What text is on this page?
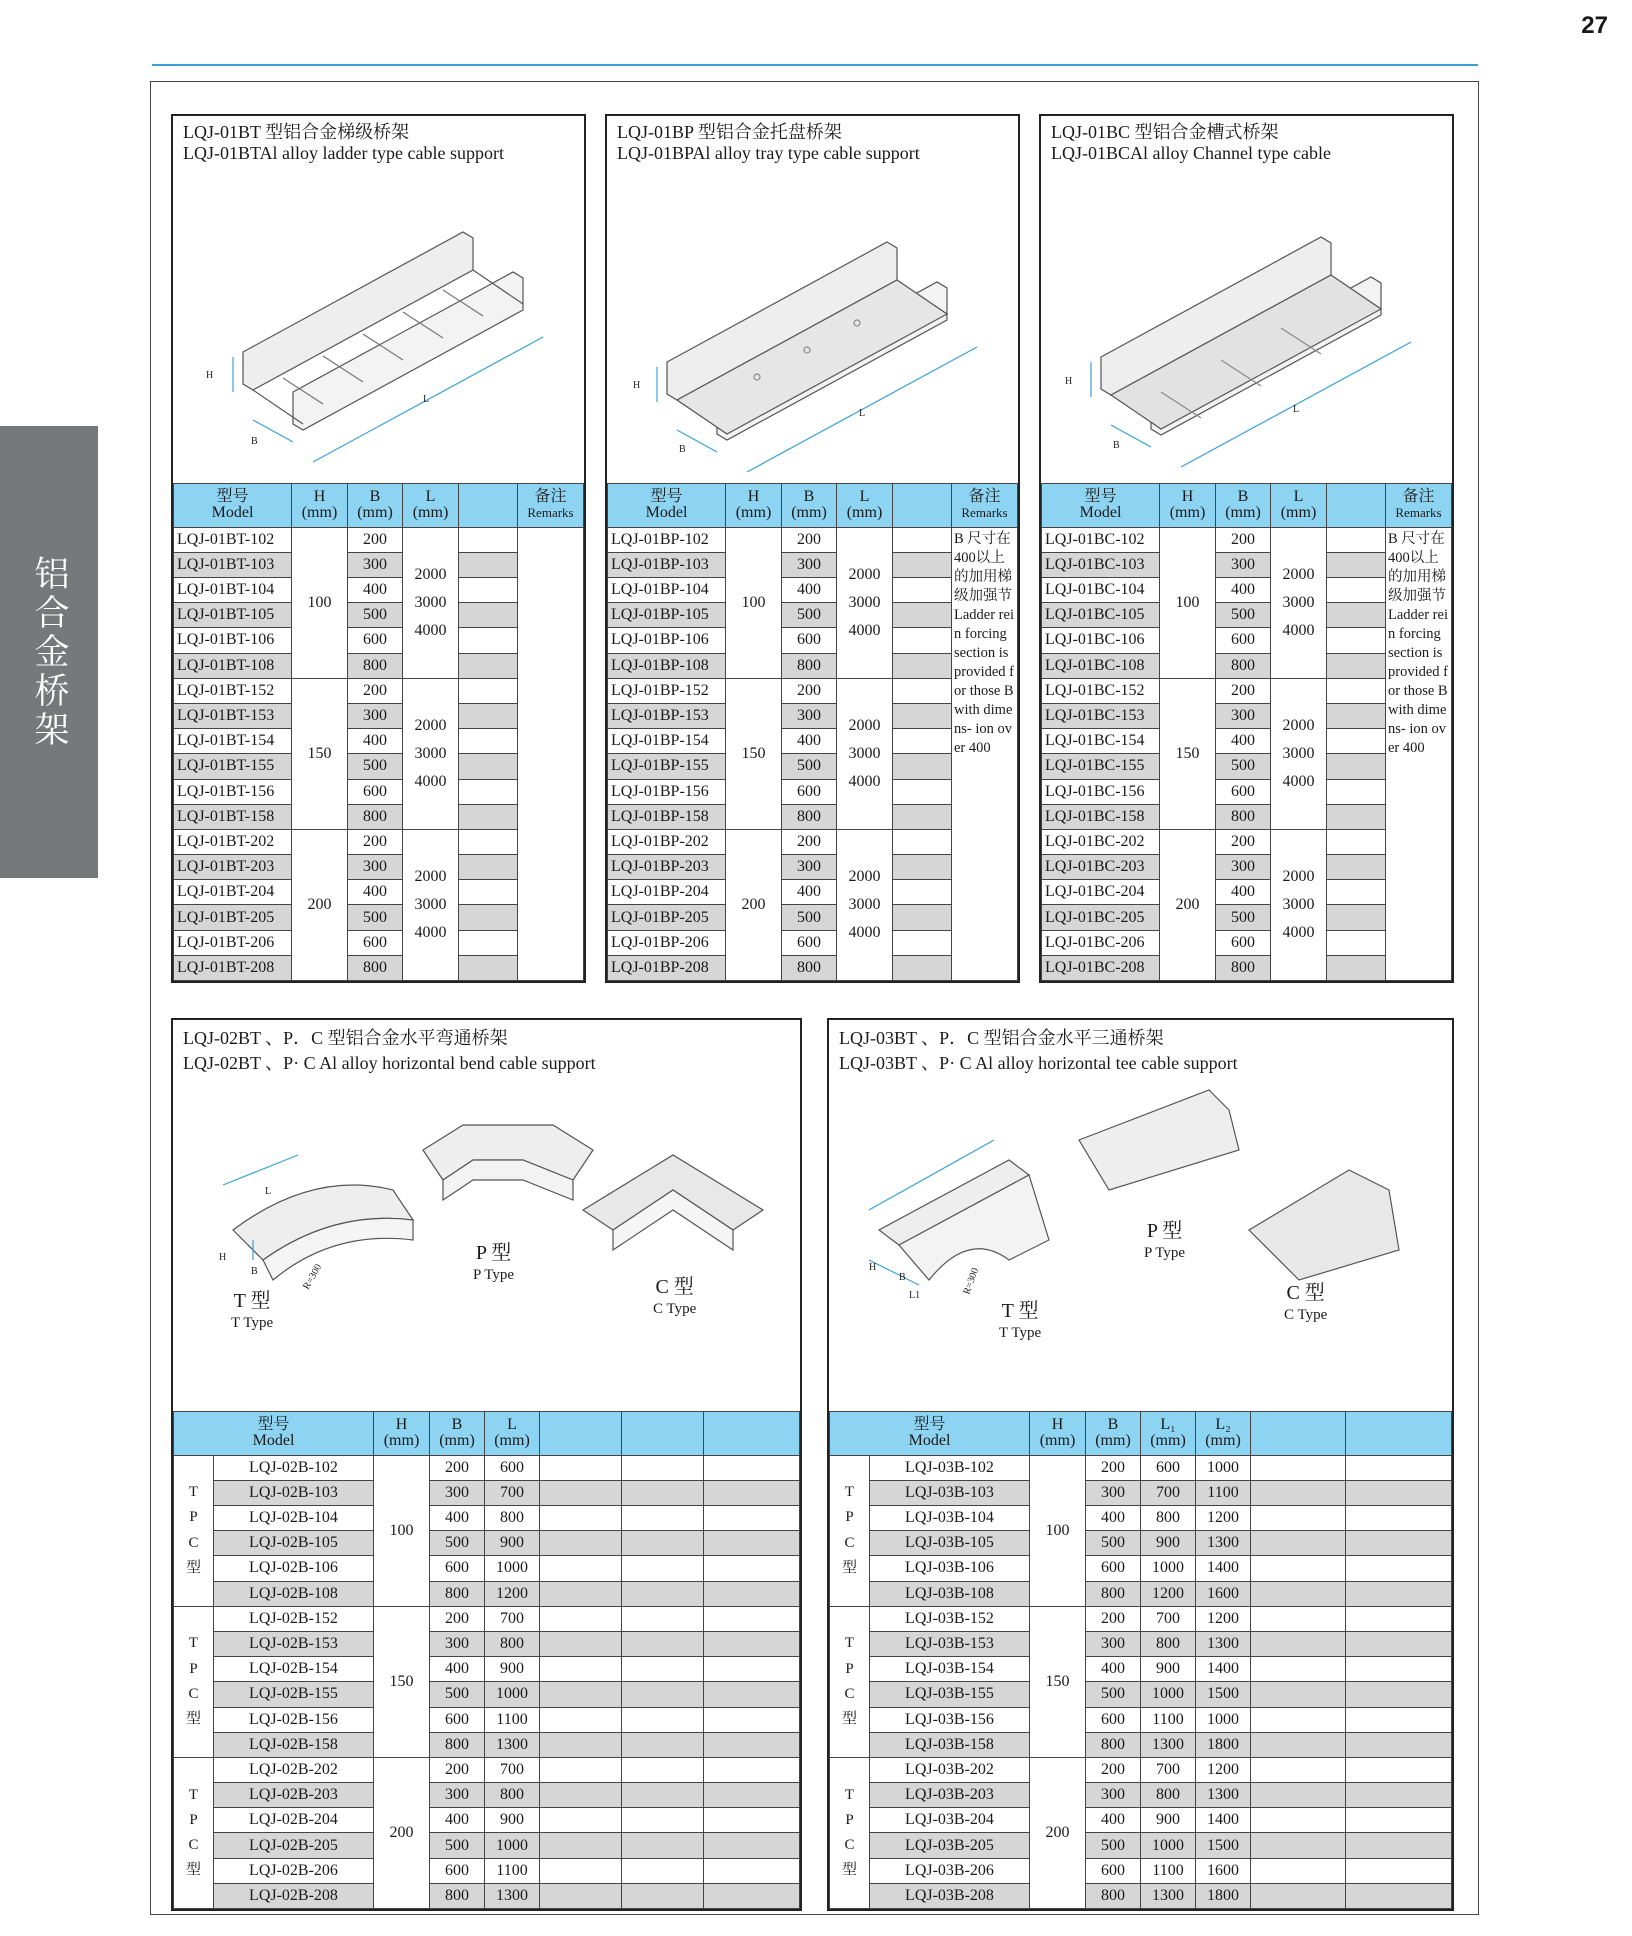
27
铝合金桥架
LQJ-01BT 型铝合金梯级桥架
LQJ-01BTAl alloy ladder type cable support
H
B
L
型号
Model	H
(mm)	B
(mm)	L
(mm)		备注
Remarks
LQJ-01BT-102	100	200	2000
3000
4000		
LQJ-01BT-103		300			
LQJ-01BT-104		400			
LQJ-01BT-105		500			
LQJ-01BT-106		600			
LQJ-01BT-108		800			
LQJ-01BT-152	150	200	2000
3000
4000		
LQJ-01BT-153		300			
LQJ-01BT-154		400			
LQJ-01BT-155		500			
LQJ-01BT-156		600			
LQJ-01BT-158		800			
LQJ-01BT-202	200	200	2000
3000
4000		
LQJ-01BT-203		300			
LQJ-01BT-204		400			
LQJ-01BT-205		500			
LQJ-01BT-206		600			
LQJ-01BT-208		800			
LQJ-01BP 型铝合金托盘桥架
LQJ-01BPAl alloy tray type cable support
H
B
L
型号
Model	H
(mm)	B
(mm)	L
(mm)		备注
Remarks
LQJ-01BP-102	100	200	2000
3000
4000		B 尺寸在400以上的加用梯级加强节Ladder rein forcing section is provided for those B with dimens- ion over 400
LQJ-01BP-103		300			
LQJ-01BP-104		400			
LQJ-01BP-105		500			
LQJ-01BP-106		600			
LQJ-01BP-108		800			
LQJ-01BP-152	150	200	2000
3000
4000		
LQJ-01BP-153		300			
LQJ-01BP-154		400			
LQJ-01BP-155		500			
LQJ-01BP-156		600			
LQJ-01BP-158		800			
LQJ-01BP-202	200	200	2000
3000
4000		
LQJ-01BP-203		300			
LQJ-01BP-204		400			
LQJ-01BP-205		500			
LQJ-01BP-206		600			
LQJ-01BP-208		800			
LQJ-01BC 型铝合金槽式桥架
LQJ-01BCAl alloy Channel type cable
H
B
L
型号
Model	H
(mm)	B
(mm)	L
(mm)		备注
Remarks
LQJ-01BC-102	100	200	2000
3000
4000		B 尺寸在400以上的加用梯级加强节Ladder rein forcing section is provided for those B with dimens- ion over 400
LQJ-01BC-103		300			
LQJ-01BC-104		400			
LQJ-01BC-105		500			
LQJ-01BC-106		600			
LQJ-01BC-108		800			
LQJ-01BC-152	150	200	2000
3000
4000		
LQJ-01BC-153		300			
LQJ-01BC-154		400			
LQJ-01BC-155		500			
LQJ-01BC-156		600			
LQJ-01BC-158		800			
LQJ-01BC-202	200	200	2000
3000
4000		
LQJ-01BC-203		300			
LQJ-01BC-204		400			
LQJ-01BC-205		500			
LQJ-01BC-206		600			
LQJ-01BC-208		800			
LQJ-02BT 、P．C 型铝合金水平弯通桥架
LQJ-02BT 、P· C Al alloy horizontal bend cable support
L
H
B	R=300
T 型
T Type
P 型
P Type
C 型
C Type
型号
Model		H
(mm)	B
(mm)	L
(mm)			
T
P
C
型	LQJ-02B-102	100	200	600			
	LQJ-02B-103		300	700			
	LQJ-02B-104		400	800			
	LQJ-02B-105		500	900			
	LQJ-02B-106		600	1000			
	LQJ-02B-108		800	1200			
T
P
C
型	LQJ-02B-152	150	200	700			
	LQJ-02B-153		300	800			
	LQJ-02B-154		400	900			
	LQJ-02B-155		500	1000			
	LQJ-02B-156		600	1100			
	LQJ-02B-158		800	1300			
T
P
C
型	LQJ-02B-202	200	200	700			
	LQJ-02B-203		300	800			
	LQJ-02B-204		400	900			
	LQJ-02B-205		500	1000			
	LQJ-02B-206		600	1100			
	LQJ-02B-208		800	1300			
LQJ-03BT 、P．C 型铝合金水平三通桥架
LQJ-03BT 、P· C Al alloy horizontal tee cable support
H
B
L1	R=300
T 型
T Type
P 型
P Type
C 型
C Type
型号
Model		H
(mm)	B
(mm)	L₁
(mm)	L₂
(mm)		
T
P
C
型	LQJ-03B-102	100	200	600	1000		
	LQJ-03B-103		300	700	1100		
	LQJ-03B-104		400	800	1200		
	LQJ-03B-105		500	900	1300		
	LQJ-03B-106		600	1000	1400		
	LQJ-03B-108		800	1200	1600		
T
P
C
型	LQJ-03B-152	150	200	700	1200		
	LQJ-03B-153		300	800	1300		
	LQJ-03B-154		400	900	1400		
	LQJ-03B-155		500	1000	1500		
	LQJ-03B-156		600	1100	1000		
	LQJ-03B-158		800	1300	1800		
T
P
C
型	LQJ-03B-202	200	200	700	1200		
	LQJ-03B-203		300	800	1300		
	LQJ-03B-204		400	900	1400		
	LQJ-03B-205		500	1000	1500		
	LQJ-03B-206		600	1100	1600		
	LQJ-03B-208		800	1300	1800		
